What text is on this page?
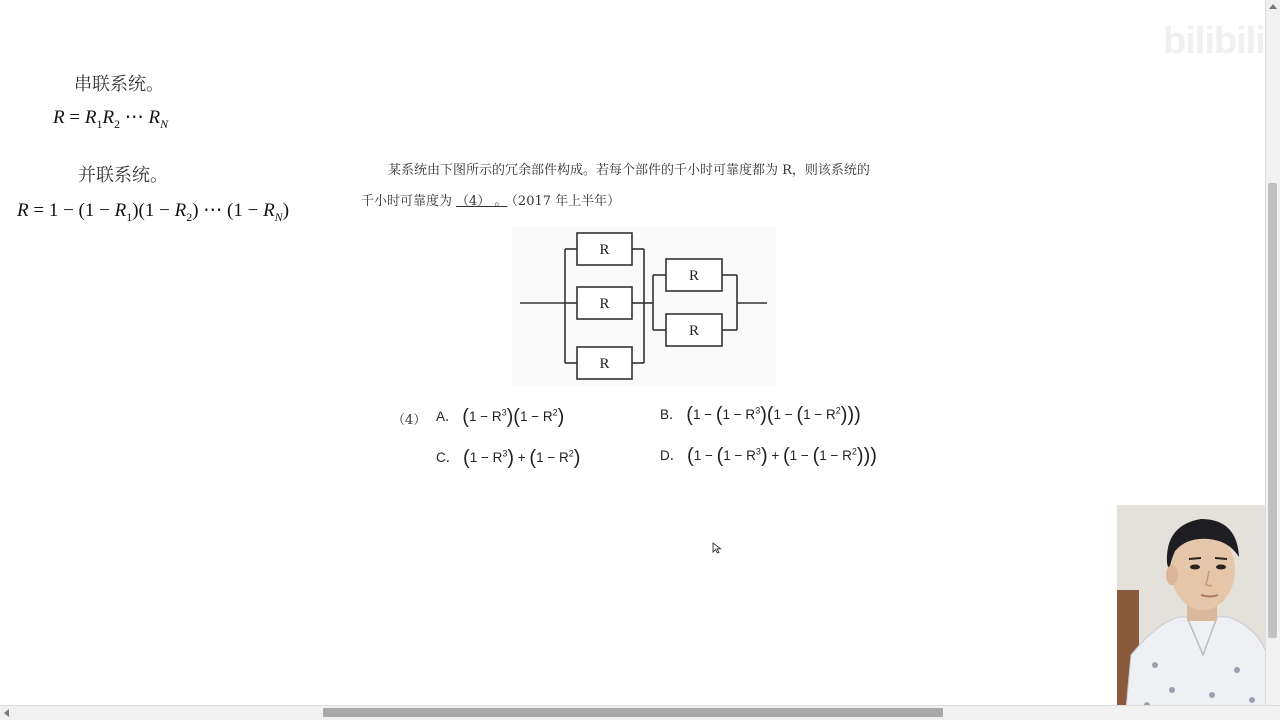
串联系统。
$R = R_1R_2$ ⋯ $R_N$
并联系统。
$R = 1 - (1 - R_1)(1 - R_2)$ ⋯ $(1 - R_N)$
某系统由下图所示的冗余部件构成。若每个部件的千小时可靠度都为 R，则该系统的
千小时可靠度为 （4） 。 （2017 年上半年）
R
R
R
R
R
（4） A． $(1 - R^3)(1 - R^2)$	B． $(1 - (1 - R^3)(1 - (1 - R^2)))$
C． $(1 - R^3) + (1 - R^2)$	D． $(1 - (1 - R^3) + (1 - (1 - R^2)))$
bilibili
